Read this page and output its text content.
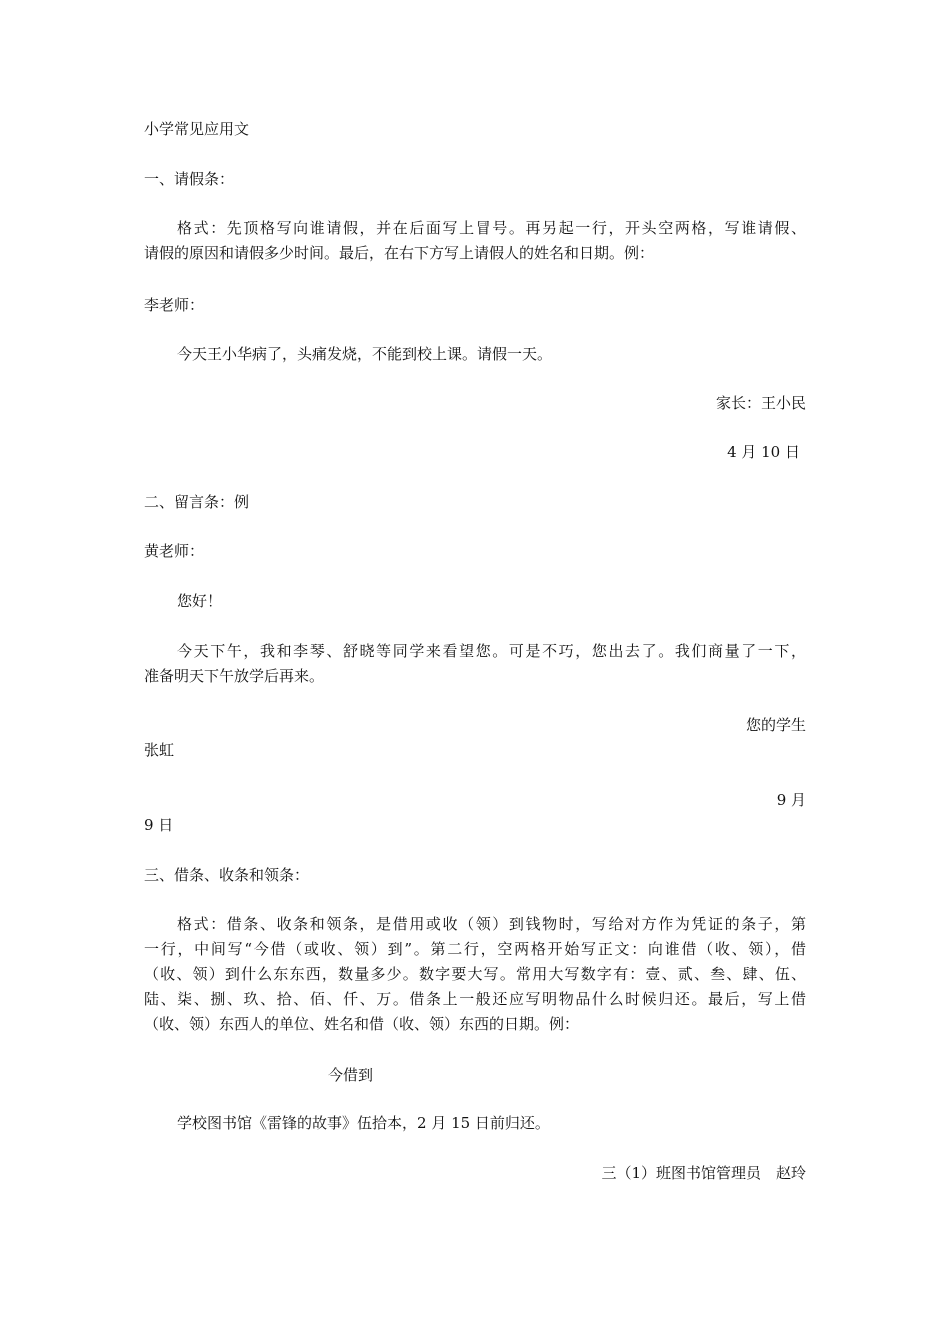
小学常见应用文
一、请假条：
格式：先顶格写向谁请假，并在后面写上冒号。再另起一行，开头空两格，写谁请假、
请假的原因和请假多少时间。最后，在右下方写上请假人的姓名和日期。例：
李老师：
今天王小华病了，头痛发烧，不能到校上课。请假一天。
家长：王小民
4 月 10 日
二、留言条：例
黄老师：
您好！
今天下午，我和李琴、舒晓等同学来看望您。可是不巧，您出去了。我们商量了一下，
准备明天下午放学后再来。
您的学生
张虹
9 月
9 日
三、借条、收条和领条：
格式：借条、收条和领条，是借用或收（领）到钱物时，写给对方作为凭证的条子，第
一行，中间写“今借（或收、领）到”。第二行，空两格开始写正文：向谁借（收、领），借
（收、领）到什么东东西，数量多少。数字要大写。常用大写数字有：壹、贰、叁、肆、伍、
陆、柒、捌、玖、拾、佰、仟、万。借条上一般还应写明物品什么时候归还。最后，写上借
（收、领）东西人的单位、姓名和借（收、领）东西的日期。例：
今借到
学校图书馆《雷锋的故事》伍拾本，2 月 15 日前归还。
三（1）班图书馆管理员　赵玲
